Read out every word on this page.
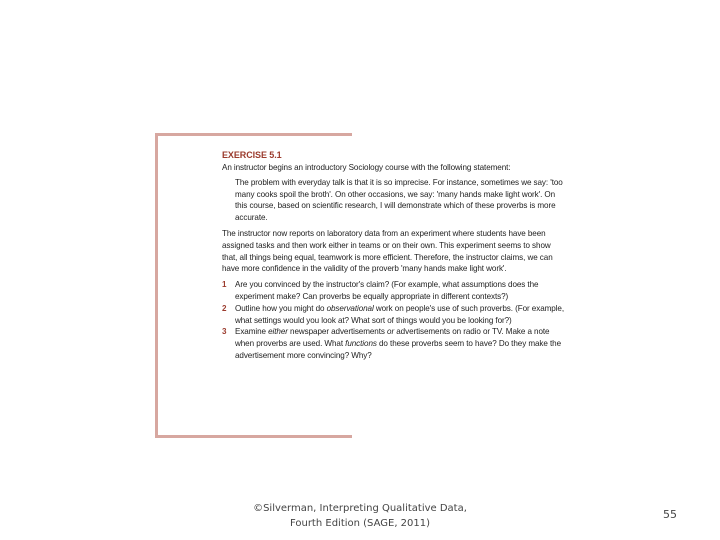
EXERCISE 5.1

An instructor begins an introductory Sociology course with the following statement:

The problem with everyday talk is that it is so imprecise. For instance, sometimes we say: 'too many cooks spoil the broth'. On other occasions, we say: 'many hands make light work'. On this course, based on scientific research, I will demonstrate which of these proverbs is more accurate.

The instructor now reports on laboratory data from an experiment where students have been assigned tasks and then work either in teams or on their own. This experiment seems to show that, all things being equal, teamwork is more efficient. Therefore, the instructor claims, we can have more confidence in the validity of the proverb 'many hands make light work'.

1 Are you convinced by the instructor's claim? (For example, what assumptions does the experiment make? Can proverbs be equally appropriate in different contexts?)
2 Outline how you might do observational work on people's use of such proverbs. (For example, what settings would you look at? What sort of things would you be looking for?)
3 Examine either newspaper advertisements or advertisements on radio or TV. Make a note when proverbs are used. What functions do these proverbs seem to have? Do they make the advertisement more convincing? Why?
©Silverman, Interpreting Qualitative Data,
Fourth Edition (SAGE, 2011)
55
